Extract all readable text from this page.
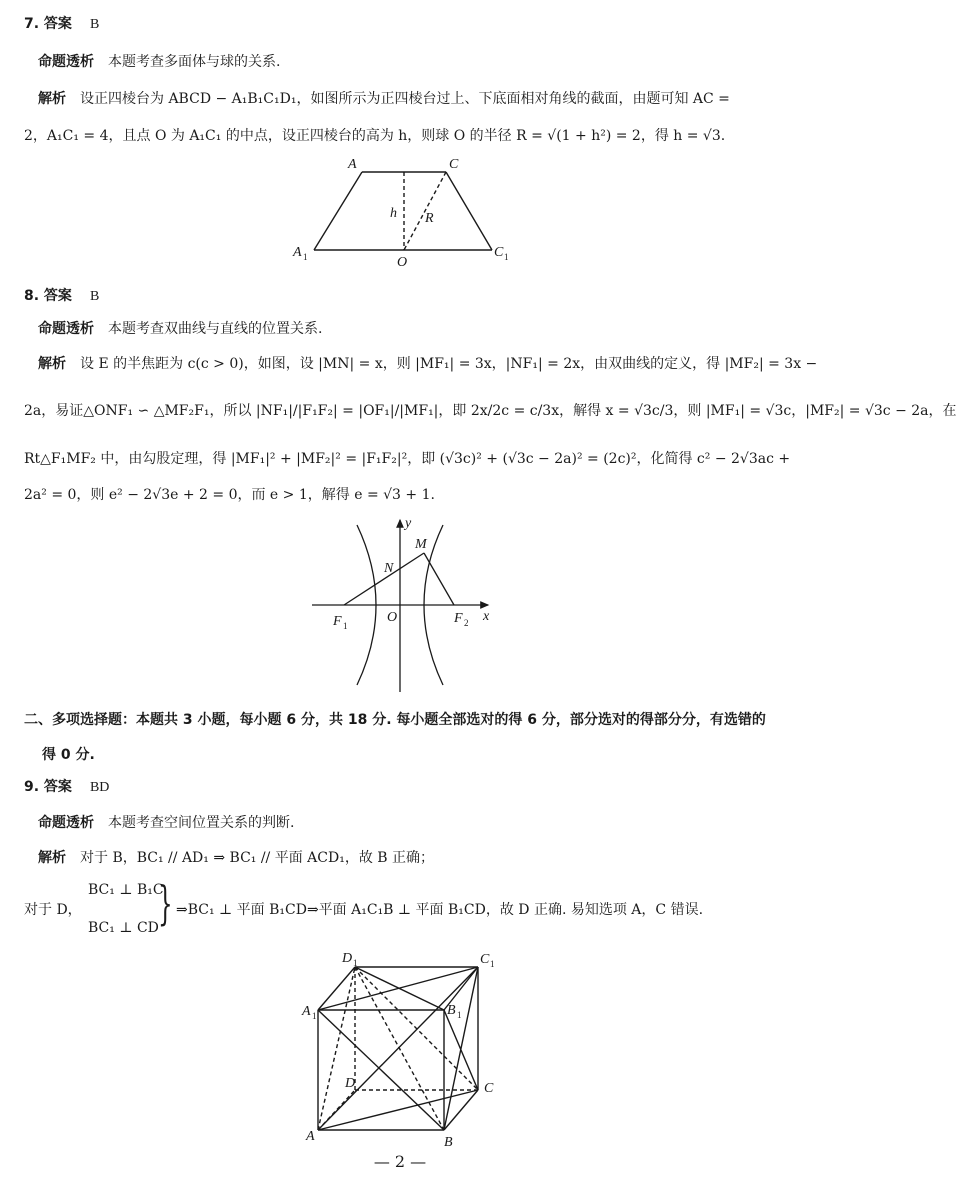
7. 答案 B
命题透析 本题考查多面体与球的关系.
解析 设正四棱台为 ABCD − A₁B₁C₁D₁，如图所示为正四棱台过上、下底面相对角线的截面，由题可知 AC =
2，A₁C₁ = 4，且点 O 为 A₁C₁ 的中点，设正四棱台的高为 h，则球 O 的半径 R = √(1 + h²) = 2，得 h = √3.
A	C
h R
A 1	O
C 1
8. 答案 B
命题透析 本题考查双曲线与直线的位置关系.
解析 设 E 的半焦距为 c(c > 0)，如图，设 |MN| = x，则 |MF₁| = 3x，|NF₁| = 2x，由双曲线的定义，得 |MF₂| = 3x −
2a，易证△ONF₁ ∽ △MF₂F₁，所以 |NF₁|/|F₁F₂| = |OF₁|/|MF₁|，即 2x/2c = c/3x，解得 x = √3c/3，则 |MF₁| = √3c，|MF₂| = √3c − 2a，在
Rt△F₁MF₂ 中，由勾股定理，得 |MF₁|² + |MF₂|² = |F₁F₂|²，即 (√3c)² + (√3c − 2a)² = (2c)²，化简得 c² − 2√3ac +
2a² = 0，则 e² − 2√3e + 2 = 0，而 e > 1，解得 e = √3 + 1.
y
x
O
M
N
F 1	F 2
二、多项选择题：本题共 3 小题，每小题 6 分，共 18 分. 每小题全部选对的得 6 分，部分选对的得部分分，有选错的
得 0 分.
9. 答案 BD
命题透析 本题考查空间位置关系的判断.
解析 对于 B，BC₁ // AD₁ ⇒ BC₁ // 平面 ACD₁，故 B 正确；
对于 D，
BC₁ ⊥ B₁C
BC₁ ⊥ CD } ⇒BC₁ ⊥ 平面 B₁CD⇒平面 A₁C₁B ⊥ 平面 B₁CD，故 D 正确. 易知选项 A，C 错误.
D 1	C 1
A 1	B 1
D	C
A	B
— 2 —
